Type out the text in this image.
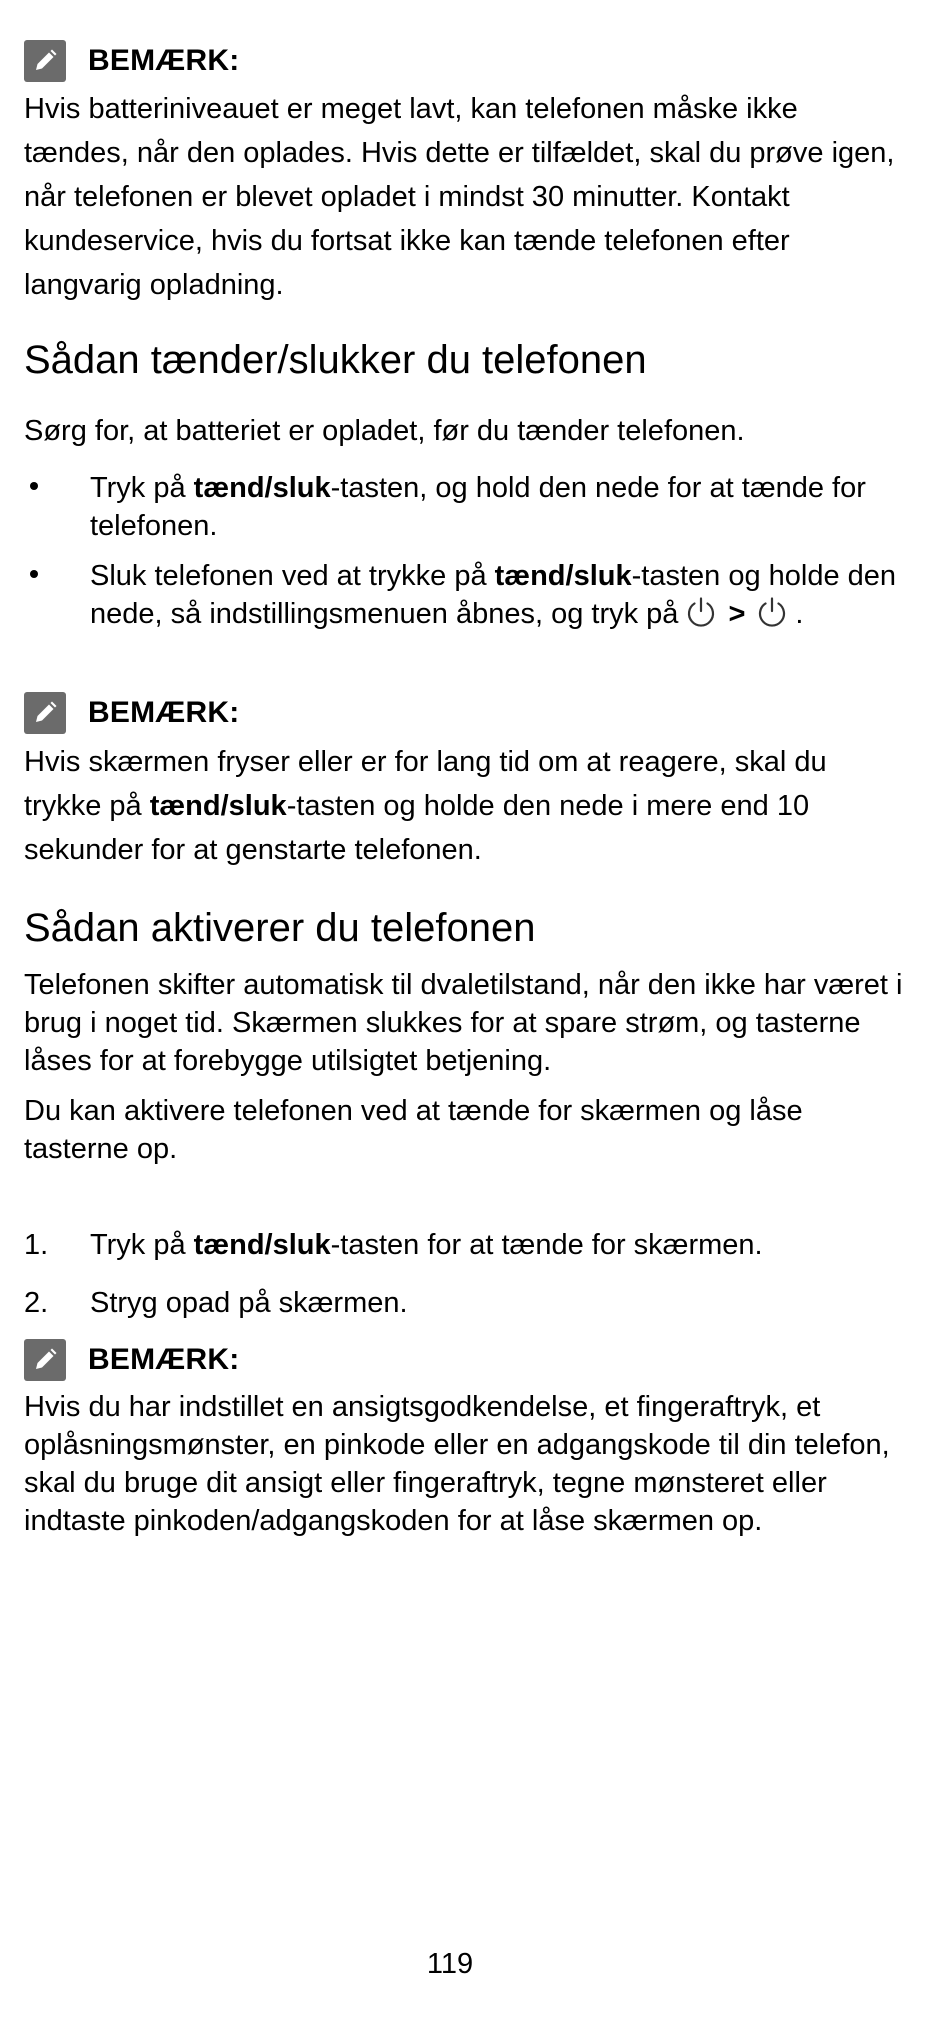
BEMÆRK:

Hvis batteriniveauet er meget lavt, kan telefonen måske ikke tændes, når den oplades. Hvis dette er tilfældet, skal du prøve igen, når telefonen er blevet opladet i mindst 30 minutter. Kontakt kundeservice, hvis du fortsat ikke kan tænde telefonen efter langvarig opladning.

Sådan tænder/slukker du telefonen

Sørg for, at batteriet er opladet, før du tænder telefonen.

Tryk på tænd/sluk-tasten, og hold den nede for at tænde for telefonen.
Sluk telefonen ved at trykke på tænd/sluk-tasten og holde den nede, så indstillingsmenuen åbnes, og tryk på > .
BEMÆRK:

Hvis skærmen fryser eller er for lang tid om at reagere, skal du trykke på tænd/sluk-tasten og holde den nede i mere end 10 sekunder for at genstarte telefonen.

Sådan aktiverer du telefonen

Telefonen skifter automatisk til dvaletilstand, når den ikke har været i brug i noget tid. Skærmen slukkes for at spare strøm, og tasterne låses for at forebygge utilsigtet betjening.

Du kan aktivere telefonen ved at tænde for skærmen og låse tasterne op.

1.	Tryk på tænd/sluk-tasten for at tænde for skærmen.
2.	Stryg opad på skærmen.
BEMÆRK:

Hvis du har indstillet en ansigtsgodkendelse, et fingeraftryk, et oplåsningsmønster, en pinkode eller en adgangskode til din telefon, skal du bruge dit ansigt eller fingeraftryk, tegne mønsteret eller indtaste pinkoden/adgangskoden for at låse skærmen op.

119
